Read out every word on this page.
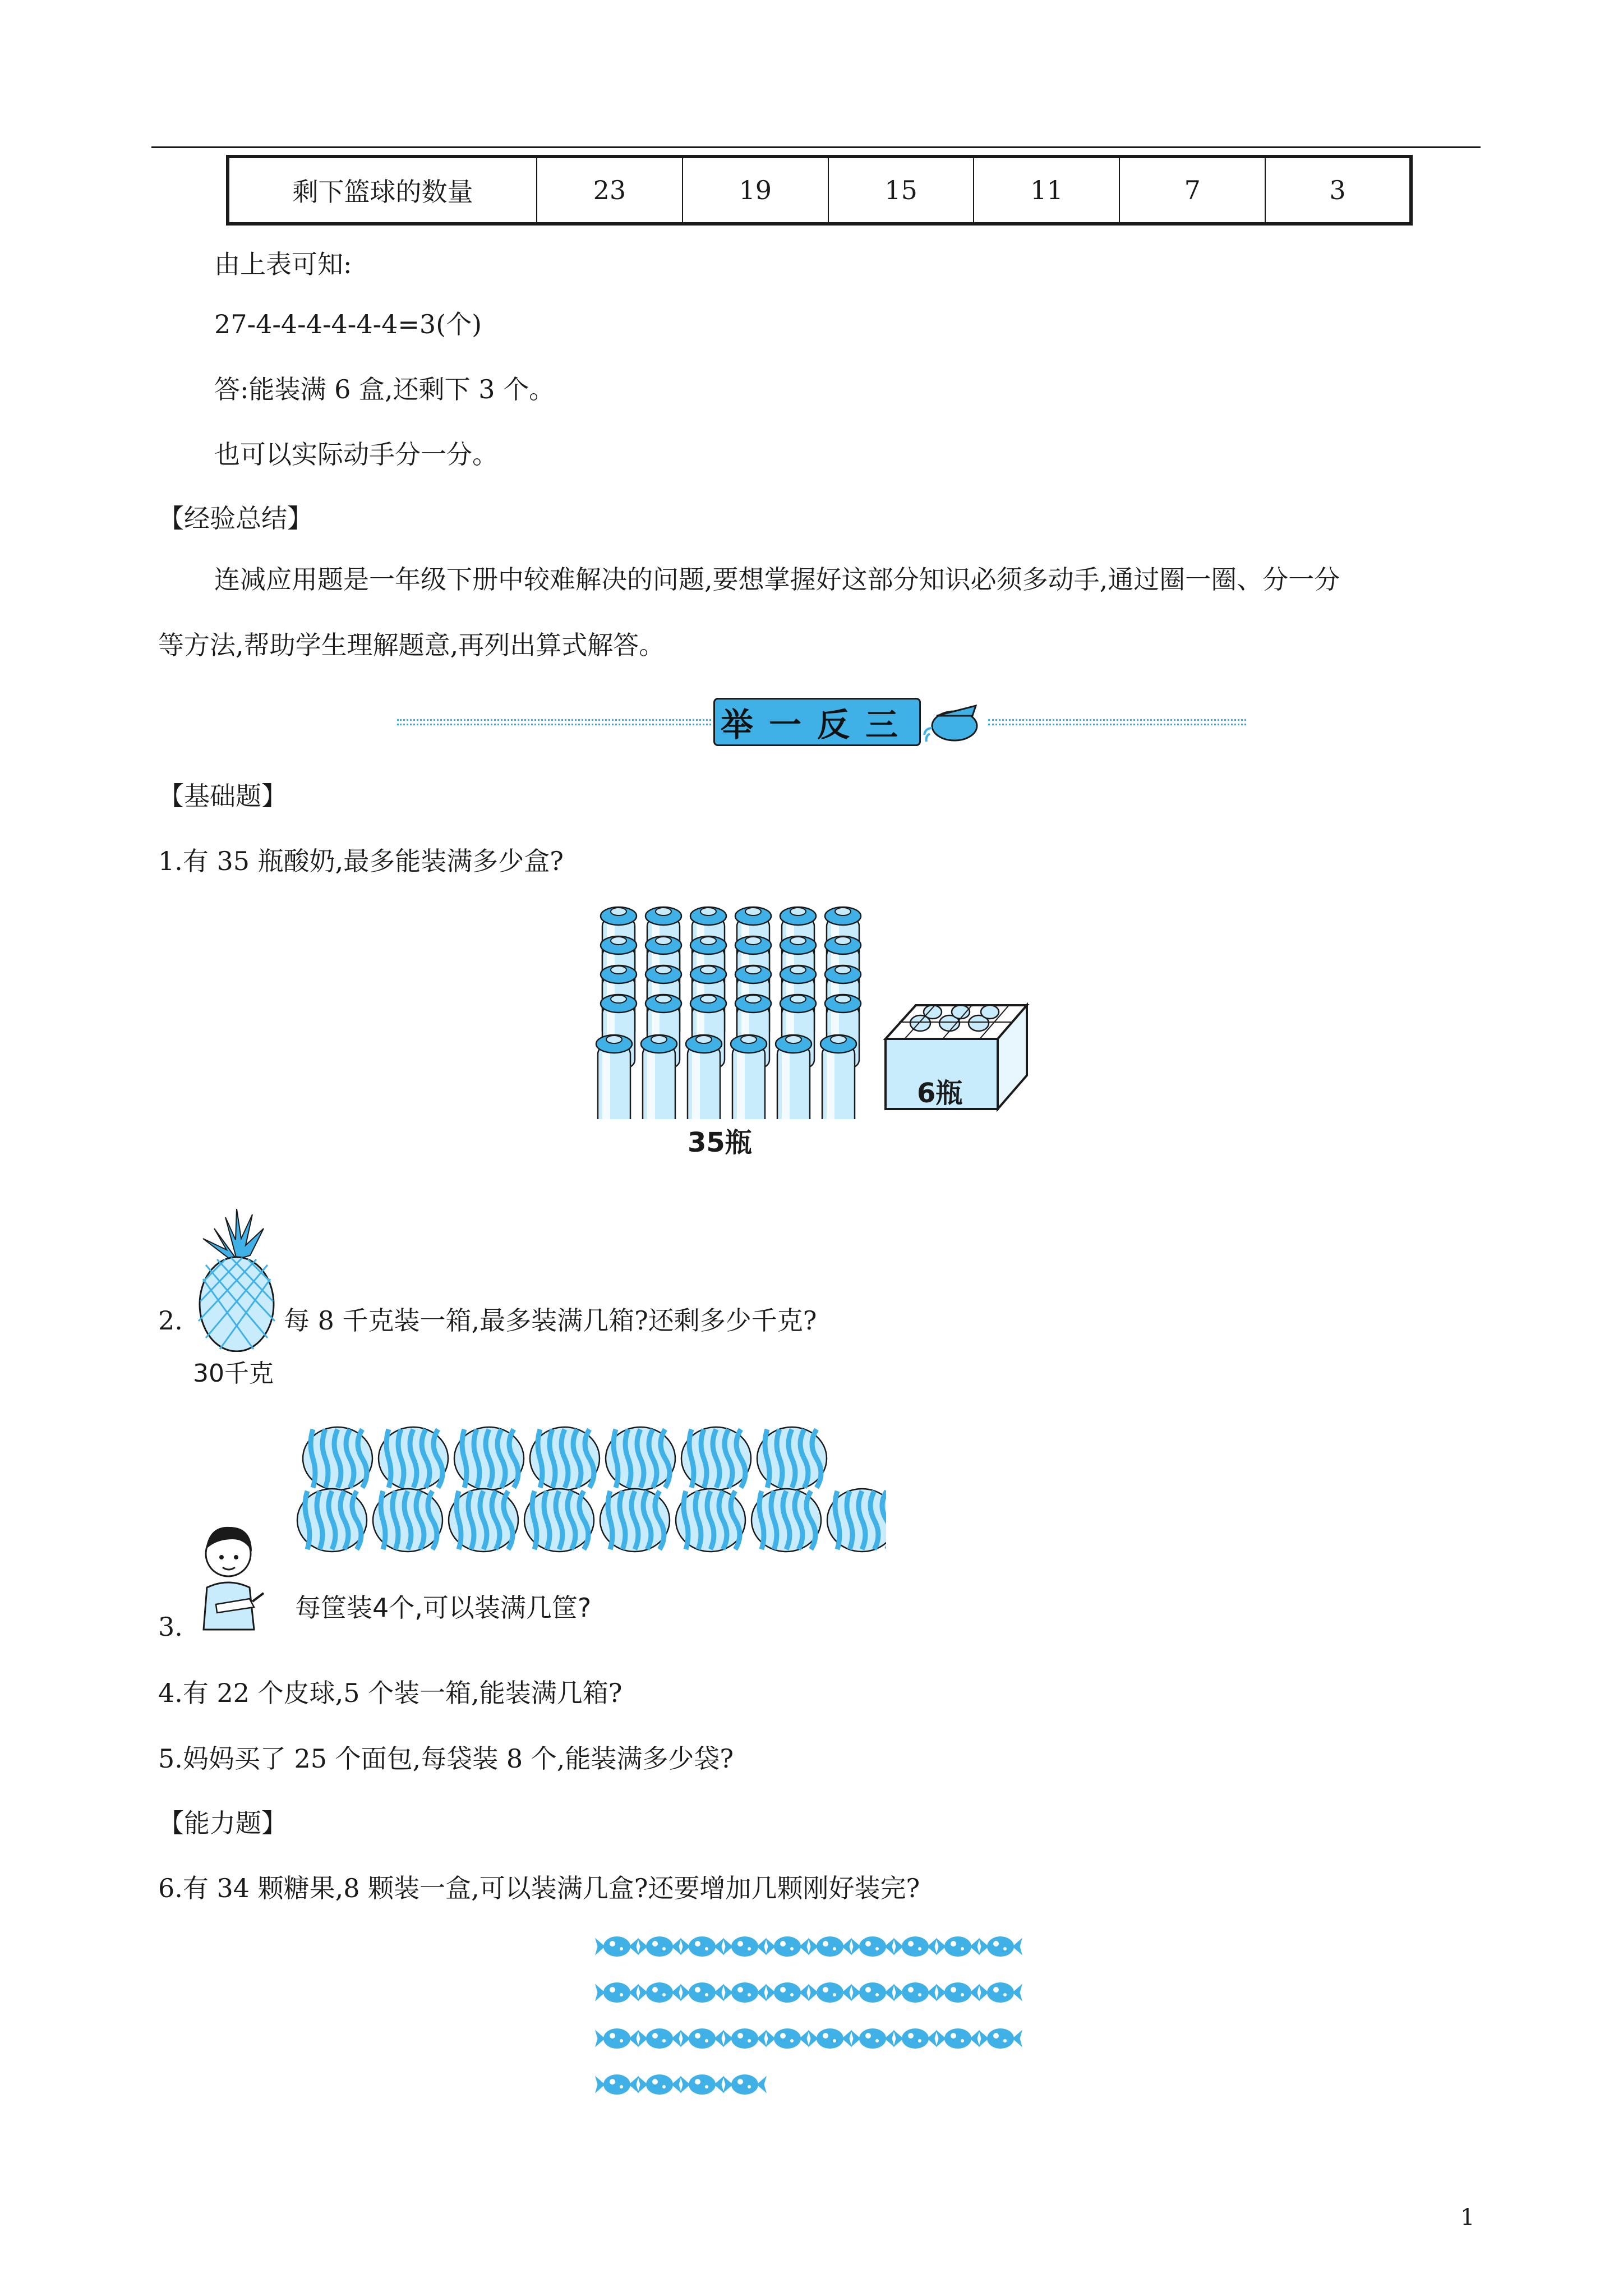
剩下篮球的数量	23	19	15	11	7	3
由上表可知:
27-4-4-4-4-4-4=3(个)
答:能装满 6 盒,还剩下 3 个。
也可以实际动手分一分。
【经验总结】
连减应用题是一年级下册中较难解决的问题,要想掌握好这部分知识必须多动手,通过圈一圈、分一分
等方法,帮助学生理解题意,再列出算式解答。
举一反三
【基础题】
1.有 35 瓶酸奶,最多能装满多少盒?
35瓶
6瓶
2.	每 8 千克装一箱,最多装满几箱?还剩多少千克?
30千克
3.
每筐装4个,可以装满几筐?
4.有 22 个皮球,5 个装一箱,能装满几箱?
5.妈妈买了 25 个面包,每袋装 8 个,能装满多少袋?
【能力题】
6.有 34 颗糖果,8 颗装一盒,可以装满几盒?还要增加几颗刚好装完?
1
